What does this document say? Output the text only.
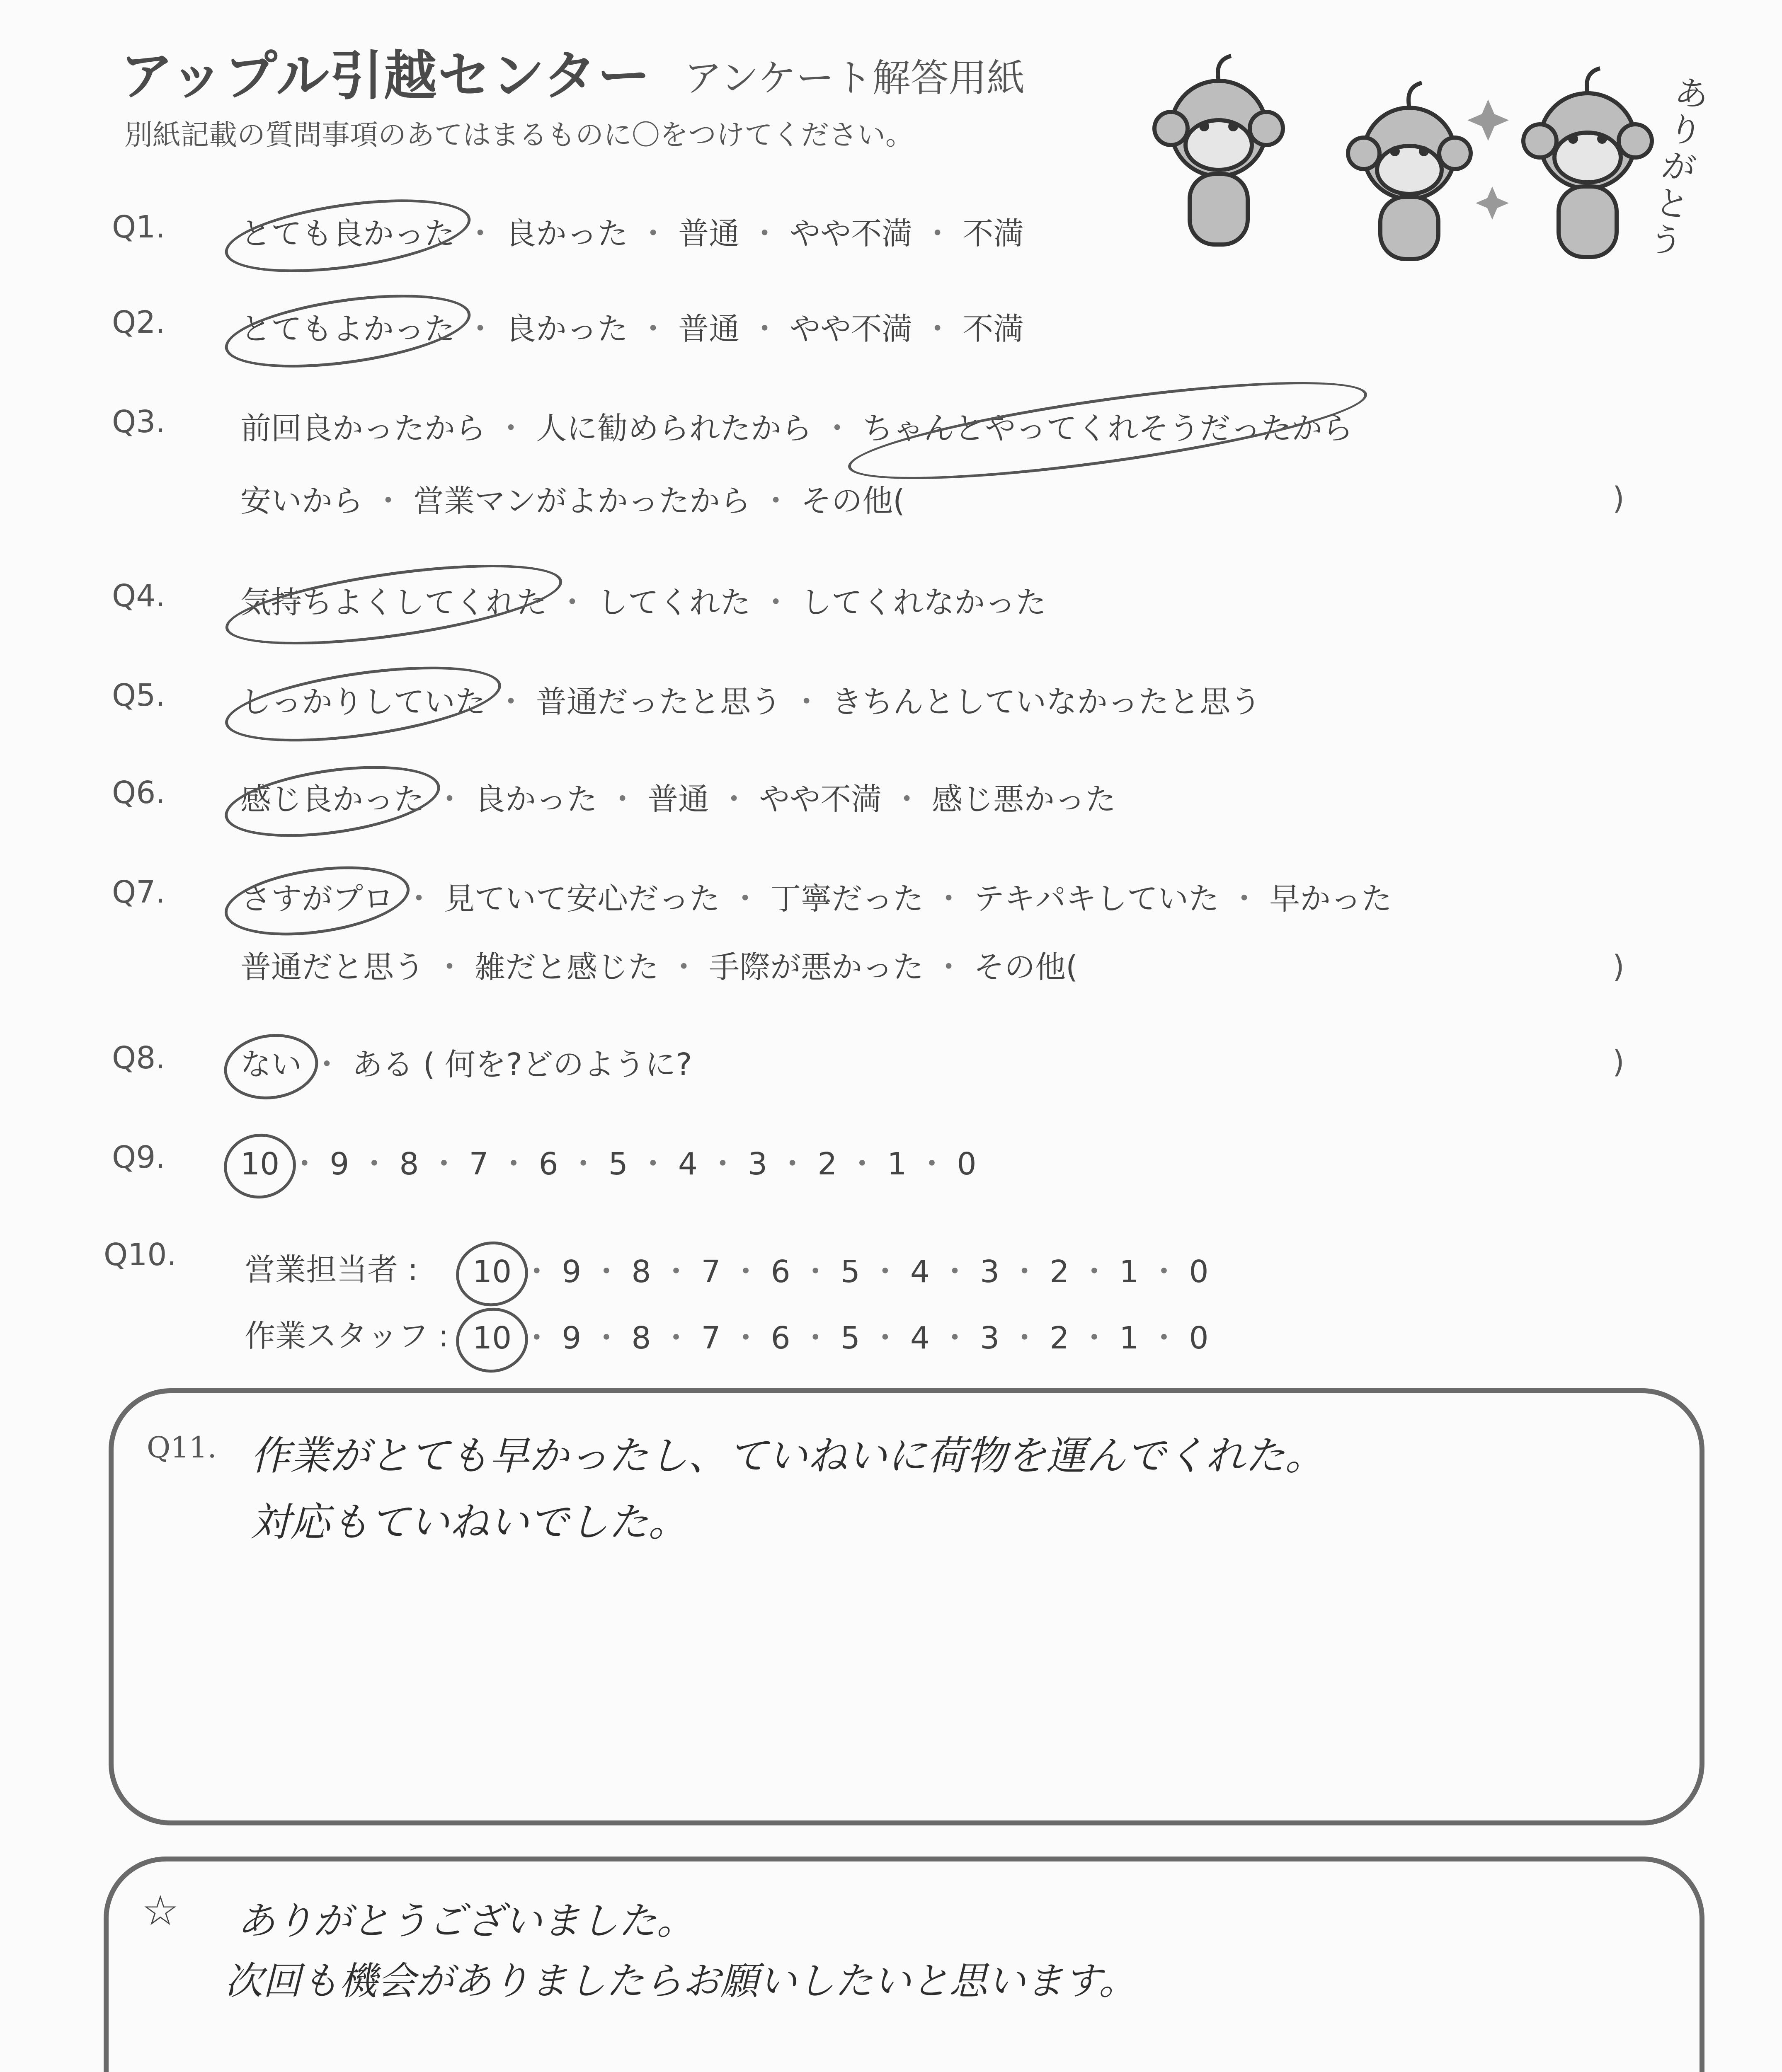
アップル引越センター アンケート解答用紙
別紙記載の質問事項のあてはまるものに〇をつけてください。
ありがとう
Q1. とても良かった
・ 良かった ・ 普通 ・ やや不満 ・ 不満
Q2. とてもよかった
・ 良かった ・ 普通 ・ やや不満 ・ 不満
Q3. 前回良かったから ・ 人に勧められたから ・ ちゃんとやってくれそうだったから
安いから ・ 営業マンがよかったから ・ その他(	)
Q4. 気持ちよくしてくれた
・ してくれた ・ してくれなかった
Q5. しっかりしていた
・ 普通だったと思う ・ きちんとしていなかったと思う
Q6. 感じ良かった
・ 良かった ・ 普通 ・ やや不満 ・ 感じ悪かった
Q7. さすがプロ
・ 見ていて安心だった ・ 丁寧だった ・ テキパキしていた ・ 早かった
普通だと思う ・ 雑だと感じた ・ 手際が悪かった ・ その他(	)
Q8. ない
・ ある ( 何を?どのように?	)
Q9. 10
・ 9 ・ 8 ・ 7 ・ 6 ・ 5 ・ 4 ・ 3 ・ 2 ・ 1 ・ 0
Q10. 営業担当者 : 10
・ 9 ・ 8 ・ 7 ・ 6 ・ 5 ・ 4 ・ 3 ・ 2 ・ 1 ・ 0
作業スタッフ : 10
・ 9 ・ 8 ・ 7 ・ 6 ・ 5 ・ 4 ・ 3 ・ 2 ・ 1 ・ 0
Q11. 作業がとても早かったし、ていねいに荷物を運んでくれた。
対応もていねいでした。
☆ ありがとうございました。
次回も機会がありましたらお願いしたいと思います。
